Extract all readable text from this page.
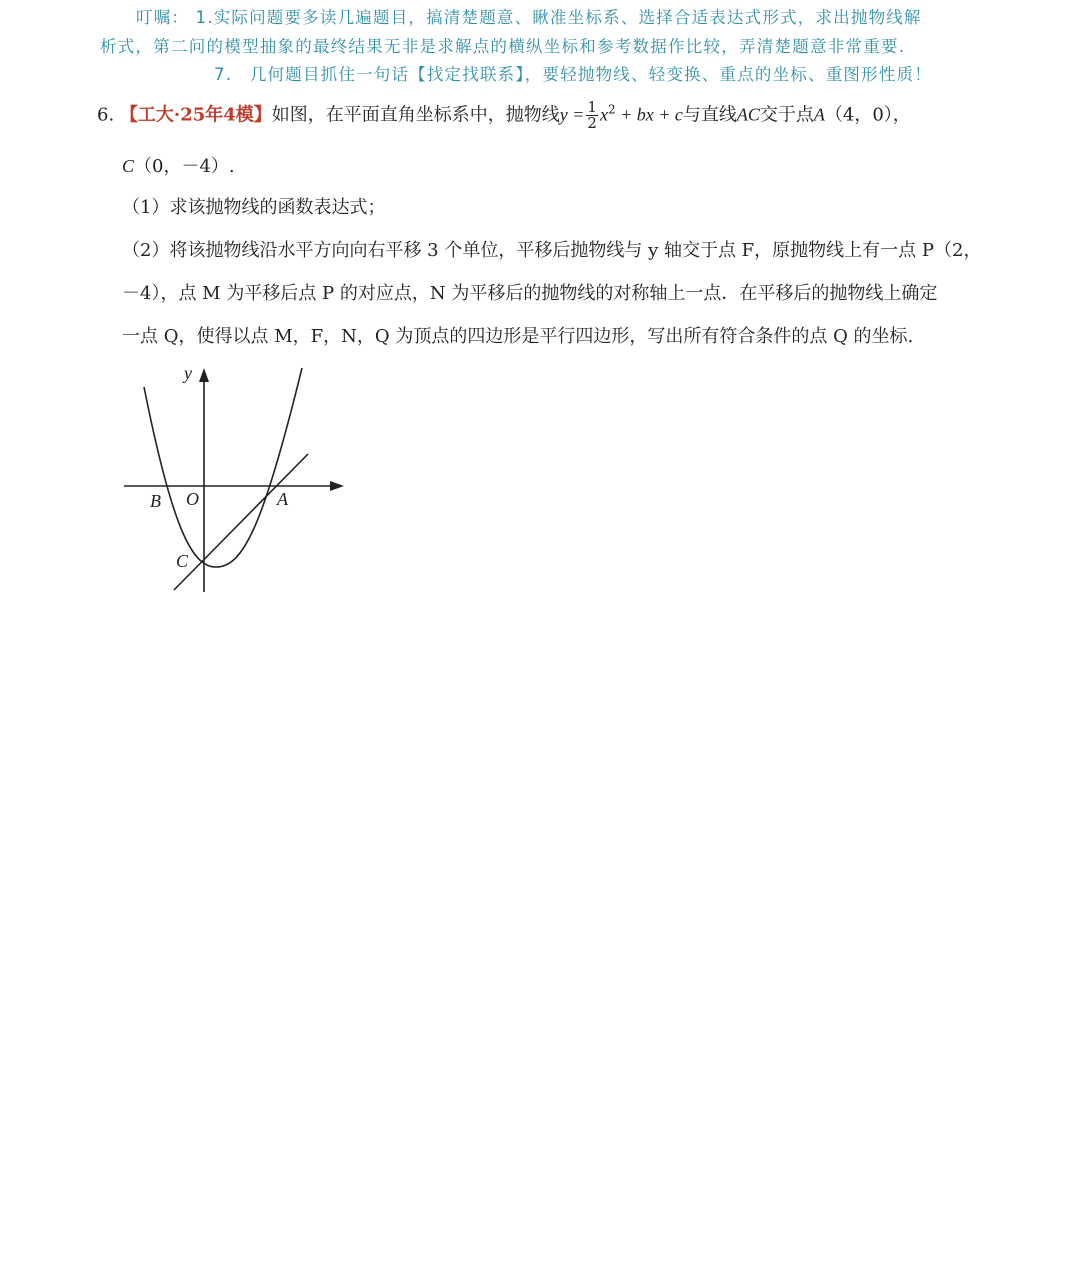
叮嘱： 1.实际问题要多读几遍题目，搞清楚题意、瞅准坐标系、选择合适表达式形式，求出抛物线解
析式，第二问的模型抽象的最终结果无非是求解点的横纵坐标和参考数据作比较，弄清楚题意非常重要.
7.　几何题目抓住一句话【找定找联系】，要轻抛物线、轻变换、重点的坐标、重图形性质！
6. 【工大·25年4模】如图，在平面直角坐标系中，抛物线$y = \frac{1}{2} x^2$ + bx + c与直线AC交于点A（4，0），
C（0，－4）.
（1）求该抛物线的函数表达式；
（2）将该抛物线沿水平方向向右平移 3 个单位，平移后抛物线与 y 轴交于点 F，原抛物线上有一点 P（2，
－4），点 M 为平移后点 P 的对应点，N 为平移后的抛物线的对称轴上一点．在平移后的抛物线上确定
一点 Q，使得以点 M，F，N，Q 为顶点的四边形是平行四边形，写出所有符合条件的点 Q 的坐标.
y
B O	A
C
